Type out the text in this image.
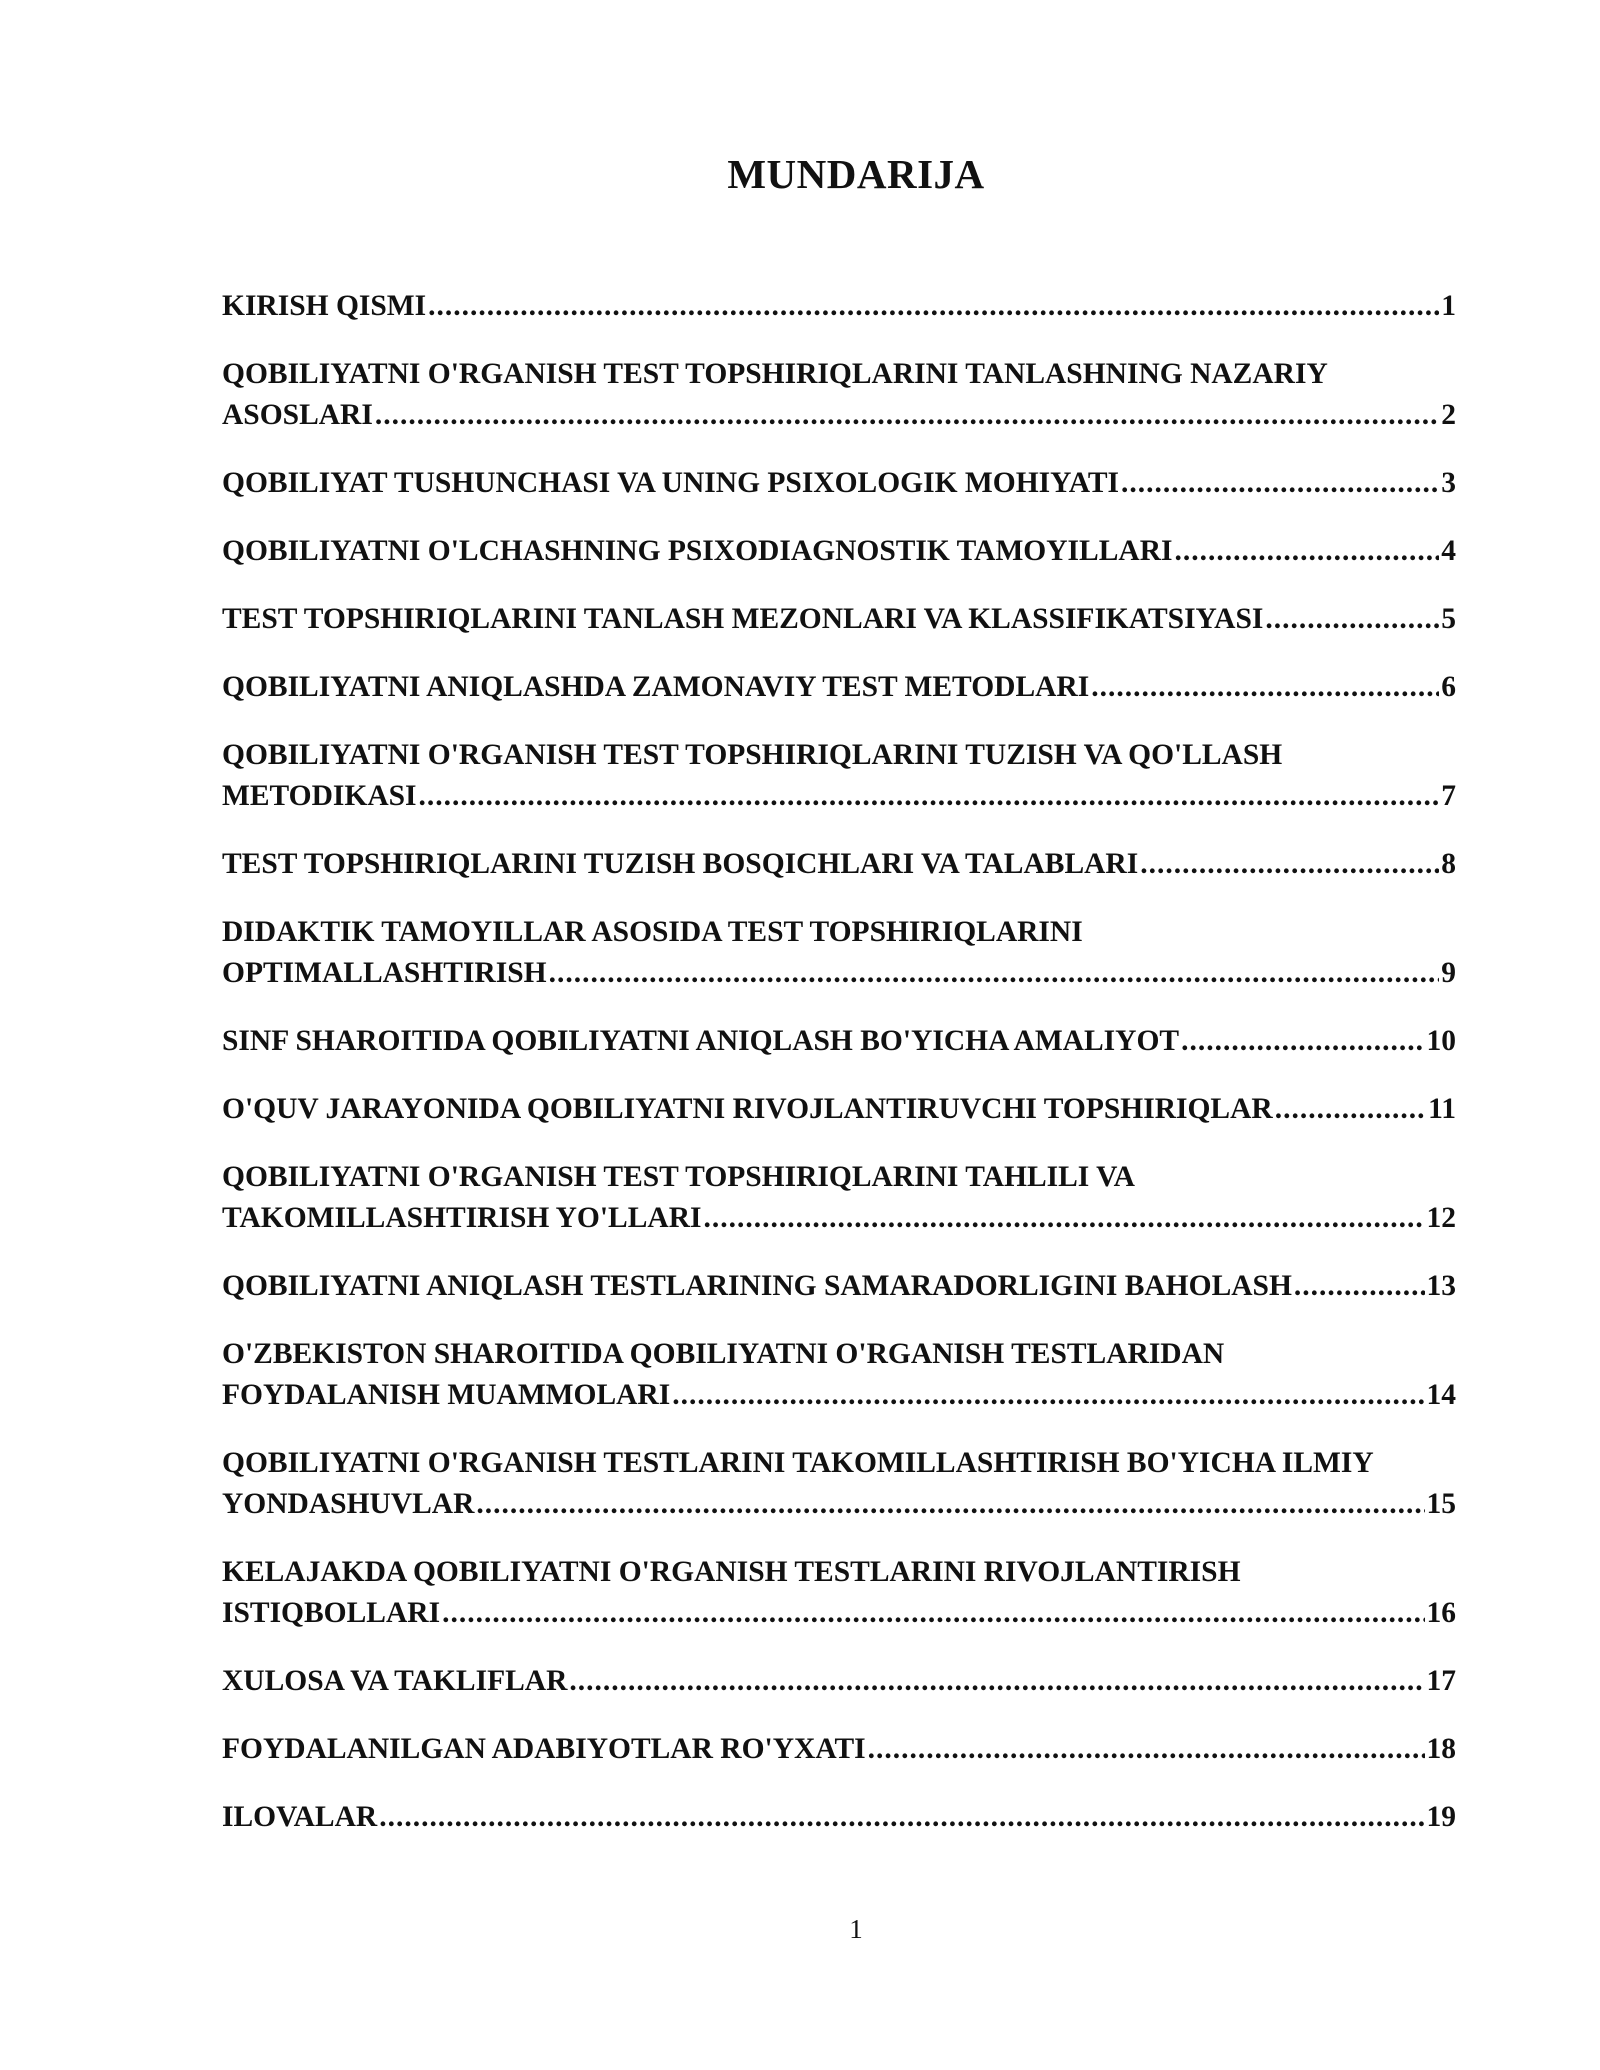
MUNDARIJA
KIRISH QISMI .....	1
QOBILIYATNI O'RGANISH TEST TOPSHIRIQLARINI TANLASHNING NAZARIY
ASOSLARI .....	2
QOBILIYAT TUSHUNCHASI VA UNING PSIXOLOGIK MOHIYATI .....	3
QOBILIYATNI O'LCHASHNING PSIXODIAGNOSTIK TAMOYILLARI .....	4
TEST TOPSHIRIQLARINI TANLASH MEZONLARI VA KLASSIFIKATSIYASI .....	5
QOBILIYATNI ANIQLASHDA ZAMONAVIY TEST METODLARI .....	6
QOBILIYATNI O'RGANISH TEST TOPSHIRIQLARINI TUZISH VA QO'LLASH
METODIKASI .....	7
TEST TOPSHIRIQLARINI TUZISH BOSQICHLARI VA TALABLARI .....	8
DIDAKTIK TAMOYILLAR ASOSIDA TEST TOPSHIRIQLARINI
OPTIMALLASHTIRISH .....	9
SINF SHAROITIDA QOBILIYATNI ANIQLASH BO'YICHA AMALIYOT .....	10
O'QUV JARAYONIDA QOBILIYATNI RIVOJLANTIRUVCHI TOPSHIRIQLAR .....	11
QOBILIYATNI O'RGANISH TEST TOPSHIRIQLARINI TAHLILI VA
TAKOMILLASHTIRISH YO'LLARI .....	12
QOBILIYATNI ANIQLASH TESTLARINING SAMARADORLIGINI BAHOLASH .....	13
O'ZBEKISTON SHAROITIDA QOBILIYATNI O'RGANISH TESTLARIDAN
FOYDALANISH MUAMMOLARI .....	14
QOBILIYATNI O'RGANISH TESTLARINI TAKOMILLASHTIRISH BO'YICHA ILMIY
YONDASHUVLAR .....	15
KELAJAKDA QOBILIYATNI O'RGANISH TESTLARINI RIVOJLANTIRISH
ISTIQBOLLARI .....	16
XULOSA VA TAKLIFLAR .....	17
FOYDALANILGAN ADABIYOTLAR RO'YXATI .....	18
ILOVALAR .....	19
1
